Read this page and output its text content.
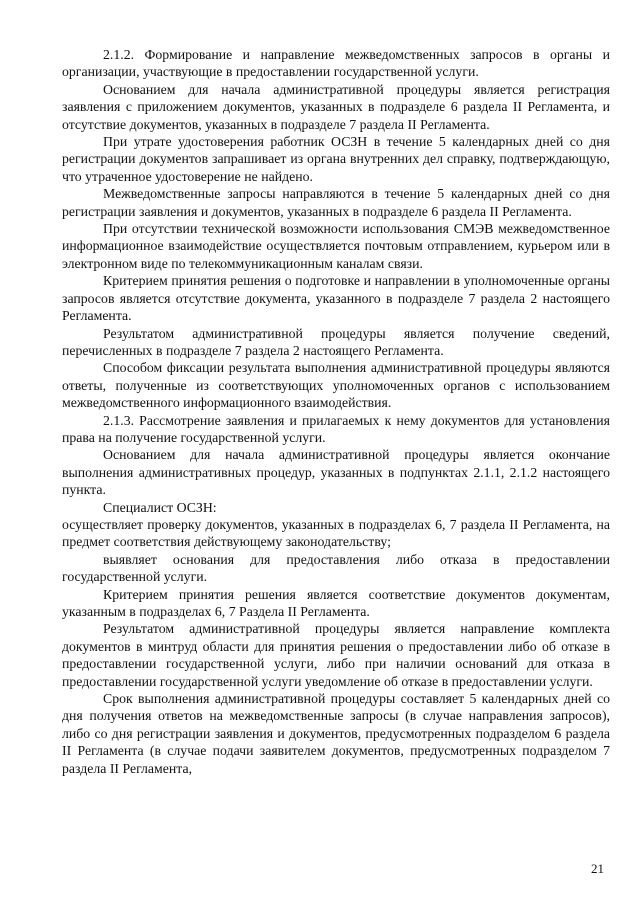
2.1.2. Формирование и направление межведомственных запросов в органы и организации, участвующие в предоставлении государственной услуги.

Основанием для начала административной процедуры является регистрация заявления с приложением документов, указанных в подразделе 6 раздела II Регламента, и отсутствие документов, указанных в подразделе 7 раздела II Регламента.

При утрате удостоверения работник ОСЗН в течение 5 календарных дней со дня регистрации документов запрашивает из органа внутренних дел справку, подтверждающую, что утраченное удостоверение не найдено.

Межведомственные запросы направляются в течение 5 календарных дней со дня регистрации заявления и документов, указанных в подразделе 6 раздела II Регламента.

При отсутствии технической возможности использования СМЭВ межведомственное информационное взаимодействие осуществляется почтовым отправлением, курьером или в электронном виде по телекоммуникационным каналам связи.

Критерием принятия решения о подготовке и направлении в уполномоченные органы запросов является отсутствие документа, указанного в подразделе 7 раздела 2 настоящего Регламента.

Результатом административной процедуры является получение сведений, перечисленных в подразделе 7 раздела 2 настоящего Регламента.

Способом фиксации результата выполнения административной процедуры являются ответы, полученные из соответствующих уполномоченных органов с использованием межведомственного информационного взаимодействия.

2.1.3. Рассмотрение заявления и прилагаемых к нему документов для установления права на получение государственной услуги.

Основанием для начала административной процедуры является окончание выполнения административных процедур, указанных в подпунктах 2.1.1, 2.1.2 настоящего пункта.

Специалист ОСЗН:

осуществляет проверку документов, указанных в подразделах 6, 7 раздела II Регламента, на предмет соответствия действующему законодательству;

выявляет основания для предоставления либо отказа в предоставлении государственной услуги.

Критерием принятия решения является соответствие документов документам, указанным в подразделах 6, 7 Раздела II Регламента.

Результатом административной процедуры является направление комплекта документов в минтруд области для принятия решения о предоставлении либо об отказе в предоставлении государственной услуги, либо при наличии оснований для отказа в предоставлении государственной услуги уведомление об отказе в предоставлении услуги.

Срок выполнения административной процедуры составляет 5 календарных дней со дня получения ответов на межведомственные запросы (в случае направления запросов), либо со дня регистрации заявления и документов, предусмотренных подразделом 6 раздела II Регламента (в случае подачи заявителем документов, предусмотренных подразделом 7 раздела II Регламента,

21
